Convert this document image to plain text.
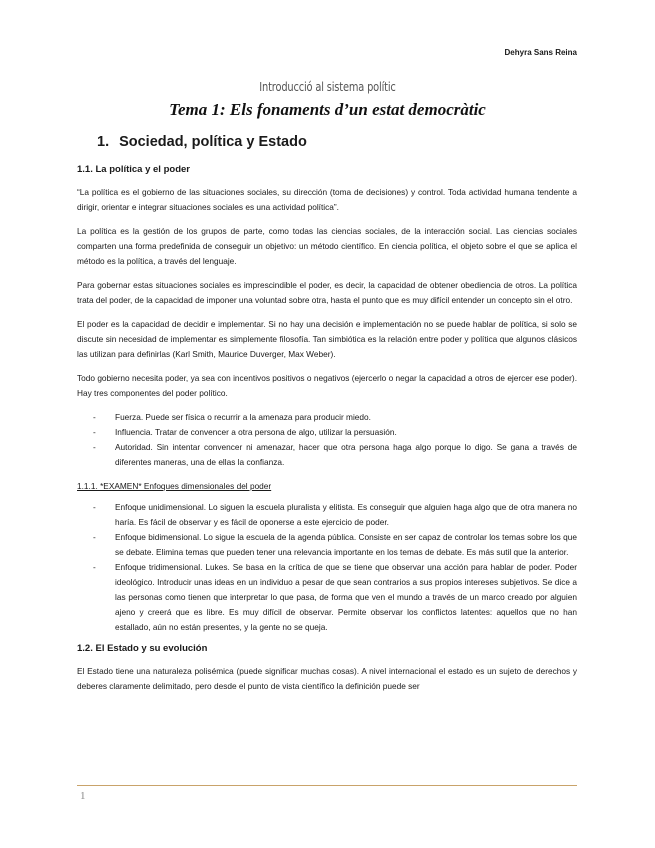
Dehyra Sans Reina
Introducció al sistema polític
Tema 1: Els fonaments d’un estat democràtic
1. Sociedad, política y Estado
1.1. La política y el poder

“La política es el gobierno de las situaciones sociales, su dirección (toma de decisiones) y control. Toda actividad humana tendente a dirigir, orientar e integrar situaciones sociales es una actividad política”.

La política es la gestión de los grupos de parte, como todas las ciencias sociales, de la interacción social. Las ciencias sociales comparten una forma predefinida de conseguir un objetivo: un método científico. En ciencia política, el objeto sobre el que se aplica el método es la política, a través del lenguaje.

Para gobernar estas situaciones sociales es imprescindible el poder, es decir, la capacidad de obtener obediencia de otros. La política trata del poder, de la capacidad de imponer una voluntad sobre otra, hasta el punto que es muy difícil entender un concepto sin el otro.

El poder es la capacidad de decidir e implementar. Si no hay una decisión e implementación no se puede hablar de política, si solo se discute sin necesidad de implementar es simplemente filosofía. Tan simbiótica es la relación entre poder y política que algunos clásicos las utilizan para definirlas (Karl Smith, Maurice Duverger, Max Weber).

Todo gobierno necesita poder, ya sea con incentivos positivos o negativos (ejercerlo o negar la capacidad a otros de ejercer ese poder). Hay tres componentes del poder político.

- Fuerza. Puede ser física o recurrir a la amenaza para producir miedo.
- Influencia. Tratar de convencer a otra persona de algo, utilizar la persuasión.
- Autoridad. Sin intentar convencer ni amenazar, hacer que otra persona haga algo porque lo digo. Se gana a través de diferentes maneras, una de ellas la confianza.
1.1.1. *EXAMEN* Enfoques dimensionales del poder
- Enfoque unidimensional. Lo siguen la escuela pluralista y elitista. Es conseguir que alguien haga algo que de otra manera no haría. Es fácil de observar y es fácil de oponerse a este ejercicio de poder.
- Enfoque bidimensional. Lo sigue la escuela de la agenda pública. Consiste en ser capaz de controlar los temas sobre los que se debate. Elimina temas que pueden tener una relevancia importante en los temas de debate. Es más sutil que la anterior.
- Enfoque tridimensional. Lukes. Se basa en la crítica de que se tiene que observar una acción para hablar de poder. Poder ideológico. Introducir unas ideas en un individuo a pesar de que sean contrarios a sus propios intereses subjetivos. Se dice a las personas como tienen que interpretar lo que pasa, de forma que ven el mundo a través de un marco creado por alguien ajeno y creerá que es libre. Es muy difícil de observar. Permite observar los conflictos latentes: aquellos que no han estallado, aún no están presentes, y la gente no se queja.
1.2. El Estado y su evolución

El Estado tiene una naturaleza polisémica (puede significar muchas cosas). A nivel internacional el estado es un sujeto de derechos y deberes claramente delimitado, pero desde el punto de vista científico la definición puede ser

1
